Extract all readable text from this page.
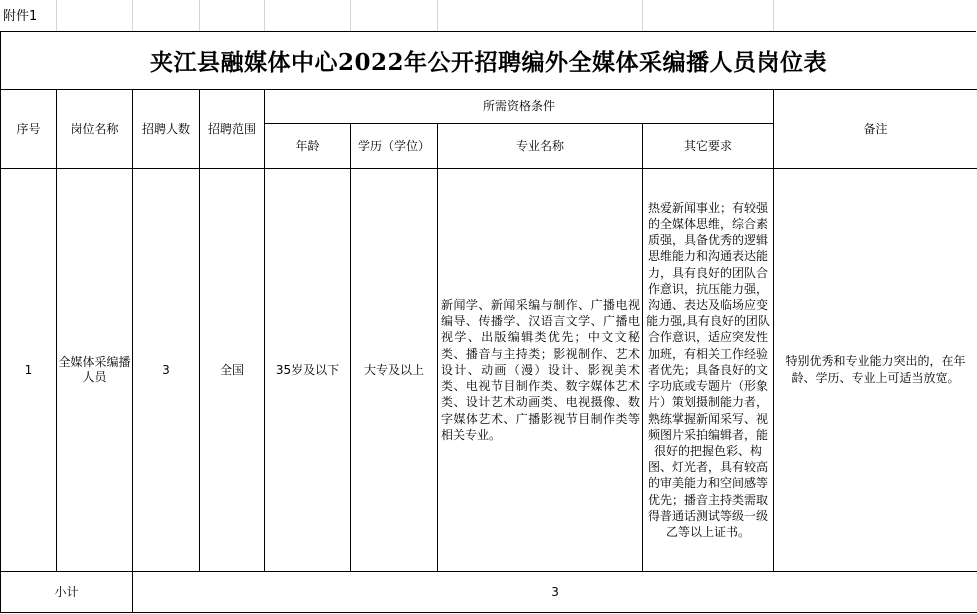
附件1
夹江县融媒体中心2022年公开招聘编外全媒体采编播人员岗位表
序号	岗位名称	招聘人数	招聘范围	所需资格条件				备注
				年龄	学历（学位）	专业名称	其它要求	
1	全媒体采编播人员	3	全国	35岁及以下	大专及以上	新闻学、新闻采编与制作、广播电视编导、传播学、汉语言文学、广播电视学、出版编辑类优先；中文文秘类、播音与主持类；影视制作、艺术设计、动画（漫）设计、影视美术类、电视节目制作类、数字媒体艺术类、设计艺术动画类、电视摄像、数字媒体艺术、广播影视节目制作类等相关专业。	热爱新闻事业；有较强的全媒体思维，综合素质强，具备优秀的逻辑思维能力和沟通表达能力，具有良好的团队合作意识，抗压能力强，沟通、表达及临场应变能力强,具有良好的团队合作意识，适应突发性加班，有相关工作经验者优先；具备良好的文字功底或专题片（形象片）策划摄制能力者，熟练掌握新闻采写、视频图片采拍编辑者，能很好的把握色彩、构图、灯光者，具有较高的审美能力和空间感等优先；播音主持类需取得普通话测试等级一级乙等以上证书。	特别优秀和专业能力突出的，在年龄、学历、专业上可适当放宽。
小计		3						
